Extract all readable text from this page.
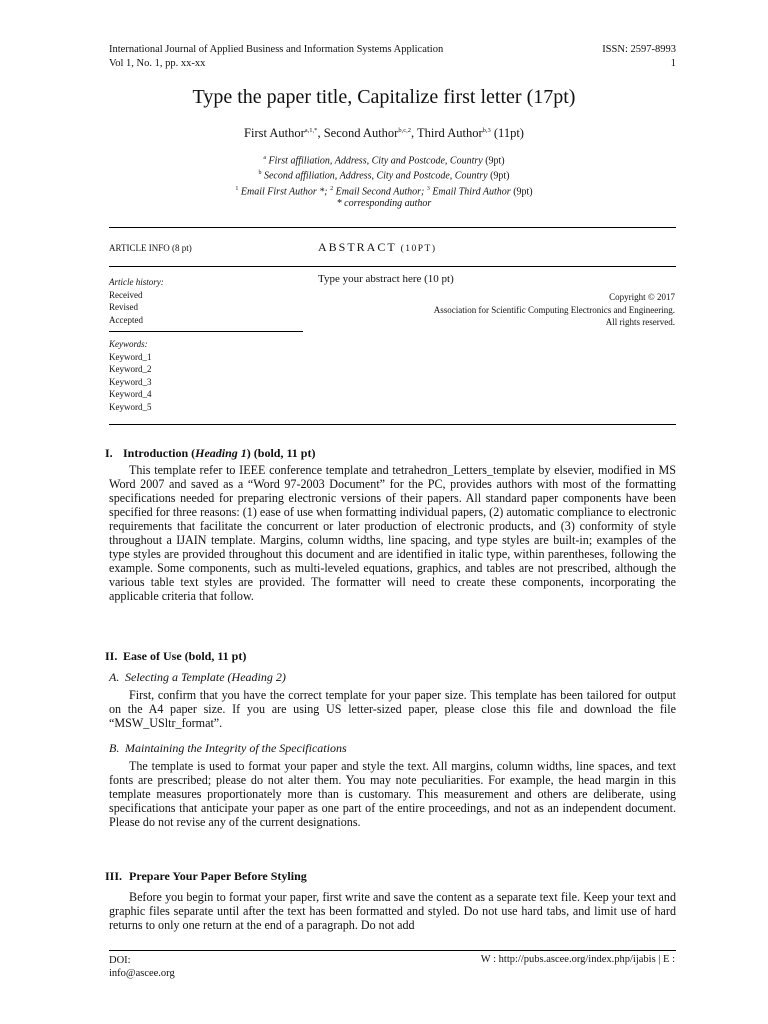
International Journal of Applied Business and Information Systems Application	ISSN: 2597-8993
Vol 1, No. 1, pp. xx-xx	1
Type the paper title, Capitalize first letter (17pt)
First Author$^{a,1,*}$, Second Author$^{b,c,2}$, Third Author$^{b,3}$ (11pt)
$^a$ First affiliation, Address, City and Postcode, Country (9pt)
$^b$ Second affiliation, Address, City and Postcode, Country (9pt)
$^1$ Email First Author *; $^2$ Email Second Author; $^3$ Email Third Author (9pt)
* corresponding author
ARTICLE INFO (8 pt)	ABSTRACT (10PT)
Article history:
Received
Revised
Accepted
Keywords:
Keyword_1
Keyword_2
Keyword_3
Keyword_4
Keyword_5
Type your abstract here (10 pt)
Copyright © 2017
Association for Scientific Computing Electronics and Engineering.
All rights reserved.
I. Introduction (Heading 1) (bold, 11 pt)

This template refer to IEEE conference template and tetrahedron_Letters_template by elsevier, modified in MS Word 2007 and saved as a “Word 97-2003 Document” for the PC, provides authors with most of the formatting specifications needed for preparing electronic versions of their papers. All standard paper components have been specified for three reasons: (1) ease of use when formatting individual papers, (2) automatic compliance to electronic requirements that facilitate the concurrent or later production of electronic products, and (3) conformity of style throughout a IJAIN template. Margins, column widths, line spacing, and type styles are built-in; examples of the type styles are provided throughout this document and are identified in italic type, within parentheses, following the example. Some components, such as multi-leveled equations, graphics, and tables are not prescribed, although the various table text styles are provided. The formatter will need to create these components, incorporating the applicable criteria that follow.

II. Ease of Use (bold, 11 pt)
A. Selecting a Template (Heading 2)

First, confirm that you have the correct template for your paper size. This template has been tailored for output on the A4 paper size. If you are using US letter-sized paper, please close this file and download the file “MSW_USltr_format”.

B. Maintaining the Integrity of the Specifications

The template is used to format your paper and style the text. All margins, column widths, line spaces, and text fonts are prescribed; please do not alter them. You may note peculiarities. For example, the head margin in this template measures proportionately more than is customary. This measurement and others are deliberate, using specifications that anticipate your paper as one part of the entire proceedings, and not as an independent document. Please do not revise any of the current designations.

III. Prepare Your Paper Before Styling

Before you begin to format your paper, first write and save the content as a separate text file. Keep your text and graphic files separate until after the text has been formatted and styled. Do not use hard tabs, and limit use of hard returns to only one return at the end of a paragraph. Do not add

DOI:
info@ascee.org
W : http://pubs.ascee.org/index.php/ijabis | E :
